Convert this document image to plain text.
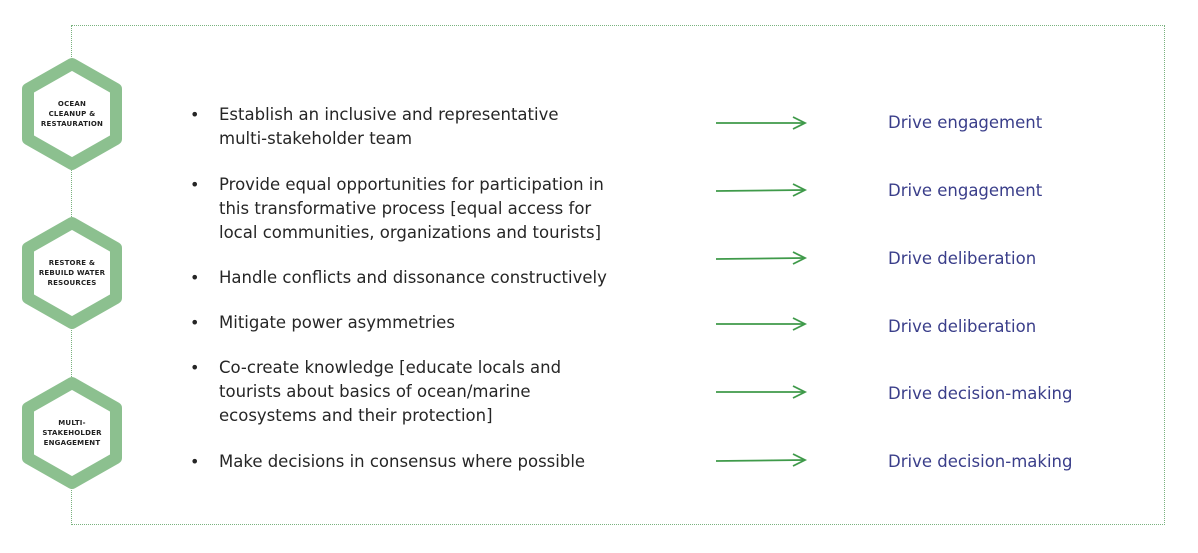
OCEAN
CLEANUP &
RESTAURATION
RESTORE &
REBUILD WATER
RESOURCES
MULTI-
STAKEHOLDER
ENGAGEMENT
•	Establish an inclusive and representative
multi-stakeholder team
•	Provide equal opportunities for participation in
this transformative process [equal access for
local communities, organizations and tourists]
•	Handle conflicts and dissonance constructively
•	Mitigate power asymmetries
•	Co-create knowledge [educate locals and
tourists about basics of ocean/marine
ecosystems and their protection]
•	Make decisions in consensus where possible
Drive engagement
Drive engagement
Drive deliberation
Drive deliberation
Drive decision-making
Drive decision-making
